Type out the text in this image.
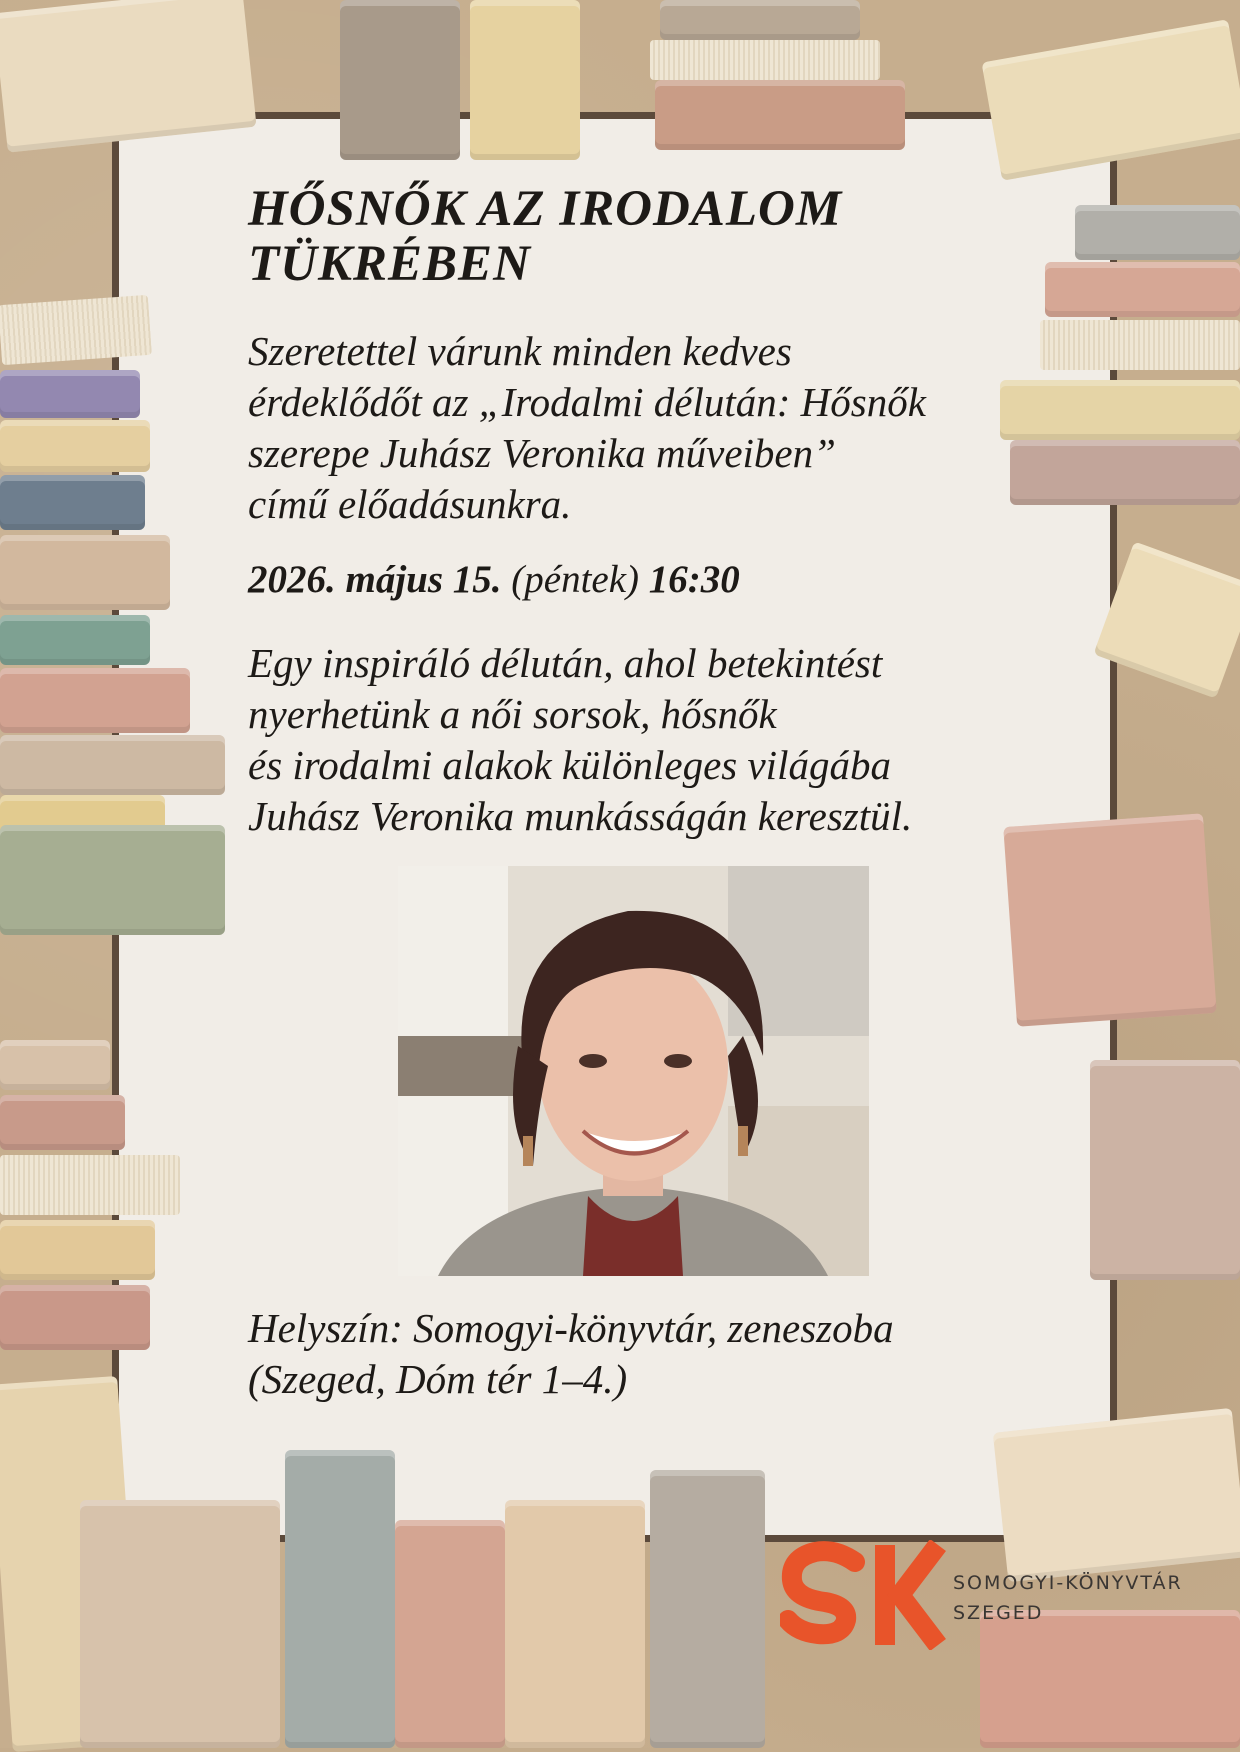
HŐSNŐK AZ IRODALOM
TÜKRÉBEN
Szeretettel várunk minden kedves
érdeklődőt az „Irodalmi délután: Hősnők
szerepe Juhász Veronika műveiben”
című előadásunkra.
2026. május 15. (péntek) 16:30
Egy inspiráló délután, ahol betekintést
nyerhetünk a női sorsok, hősnők
és irodalmi alakok különleges világába
Juhász Veronika munkásságán keresztül.
Helyszín: Somogyi-könyvtár, zeneszoba
(Szeged, Dóm tér 1–4.)
SOMOGYI-KÖNYVTÁR
SZEGED
